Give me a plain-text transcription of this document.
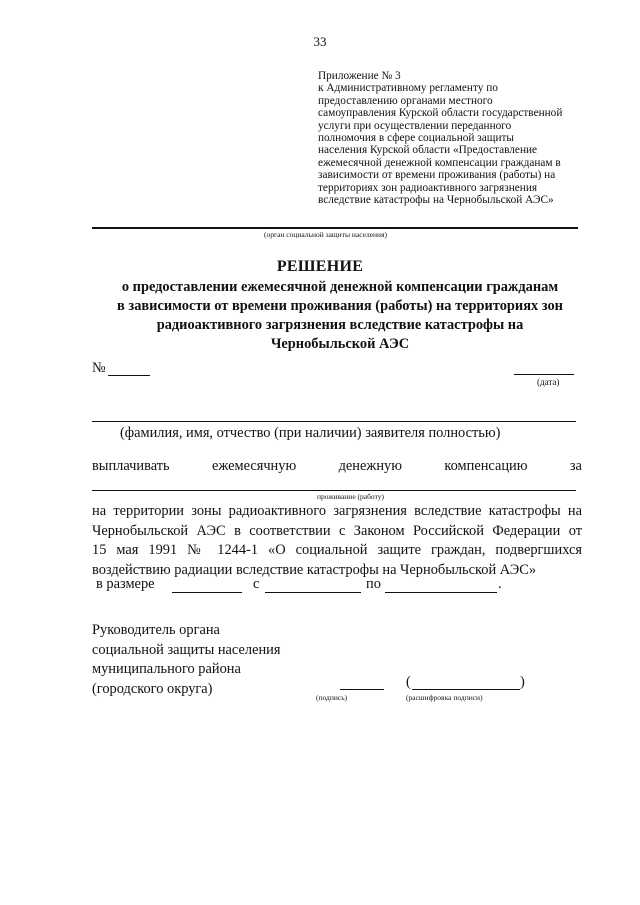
33
Приложение № 3
к Административному регламенту по
предоставлению органами местного
самоуправления Курской области государственной
услуги при осуществлении переданного
полномочия в сфере социальной защиты
населения Курской области «Предоставление
ежемесячной денежной компенсации гражданам в
зависимости от времени проживания (работы) на
территориях зон радиоактивного загрязнения
вследствие катастрофы на Чернобыльской АЭС»
(орган социальной защиты населения)
РЕШЕНИЕ
о предоставлении ежемесячной денежной компенсации гражданам
в зависимости от времени проживания (работы) на территориях зон
радиоактивного загрязнения вследствие катастрофы на
Чернобыльской АЭС
№
(дата)
(фамилия, имя, отчество (при наличии) заявителя полностью)
выплачивать	ежемесячную	денежную	компенсацию	за
проживание (работу)
на территории зоны радиоактивного загрязнения вследствие катастрофы на
Чернобыльской АЭС в соответствии с Законом Российской Федерации от
15 мая 1991 № 1244-1 «О социальной защите граждан, подвергшихся
воздействию радиации вследствие катастрофы на Чернобыльской АЭС»
в размере	с	по	.
Руководитель органа
социальной защиты населения
муниципального района
(городского округа)
(подпись)
(	)
(расшифровка подписи)
